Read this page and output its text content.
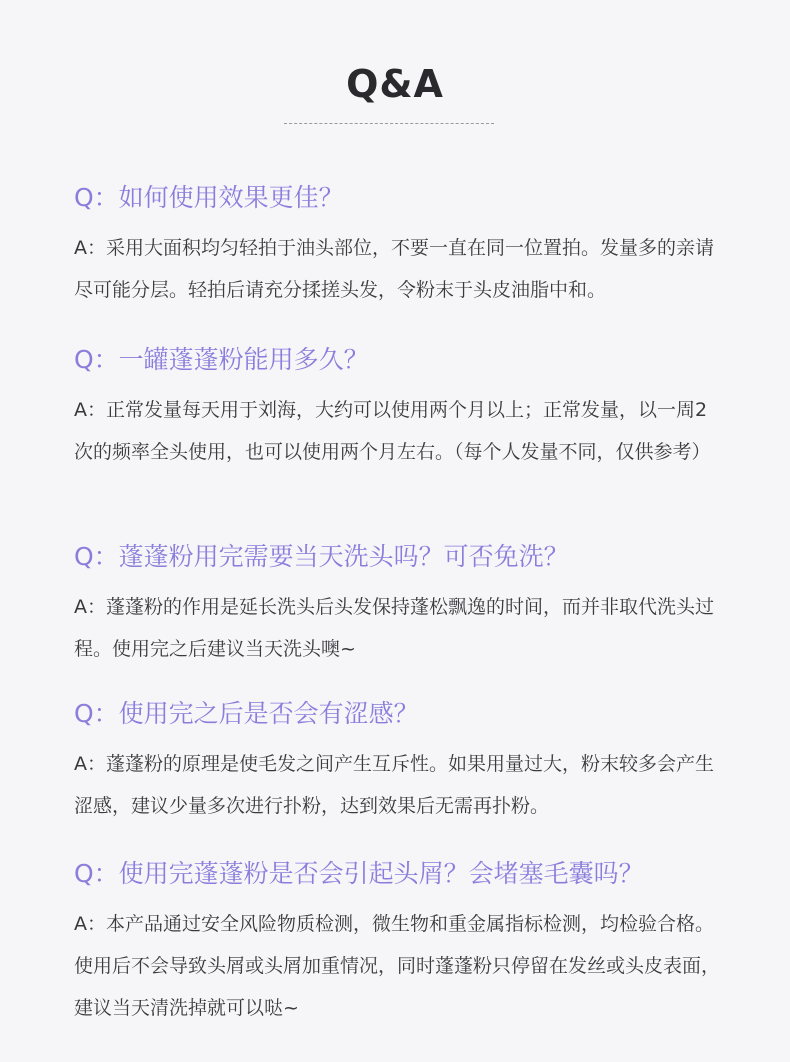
Q&A

Q：如何使用效果更佳？

A：采用大面积均匀轻拍于油头部位，不要一直在同一位置拍。发量多的亲请尽可能分层。轻拍后请充分揉搓头发，令粉末于头皮油脂中和。

Q：一罐蓬蓬粉能用多久？

A：正常发量每天用于刘海，大约可以使用两个月以上；正常发量，以一周2次的频率全头使用，也可以使用两个月左右。（每个人发量不同，仅供参考）

Q：蓬蓬粉用完需要当天洗头吗？可否免洗？

A：蓬蓬粉的作用是延长洗头后头发保持蓬松飘逸的时间，而并非取代洗头过程。使用完之后建议当天洗头噢~

Q：使用完之后是否会有涩感？

A：蓬蓬粉的原理是使毛发之间产生互斥性。如果用量过大，粉末较多会产生涩感，建议少量多次进行扑粉，达到效果后无需再扑粉。

Q：使用完蓬蓬粉是否会引起头屑？会堵塞毛囊吗？

A：本产品通过安全风险物质检测，微生物和重金属指标检测，均检验合格。使用后不会导致头屑或头屑加重情况，同时蓬蓬粉只停留在发丝或头皮表面，建议当天清洗掉就可以哒~
